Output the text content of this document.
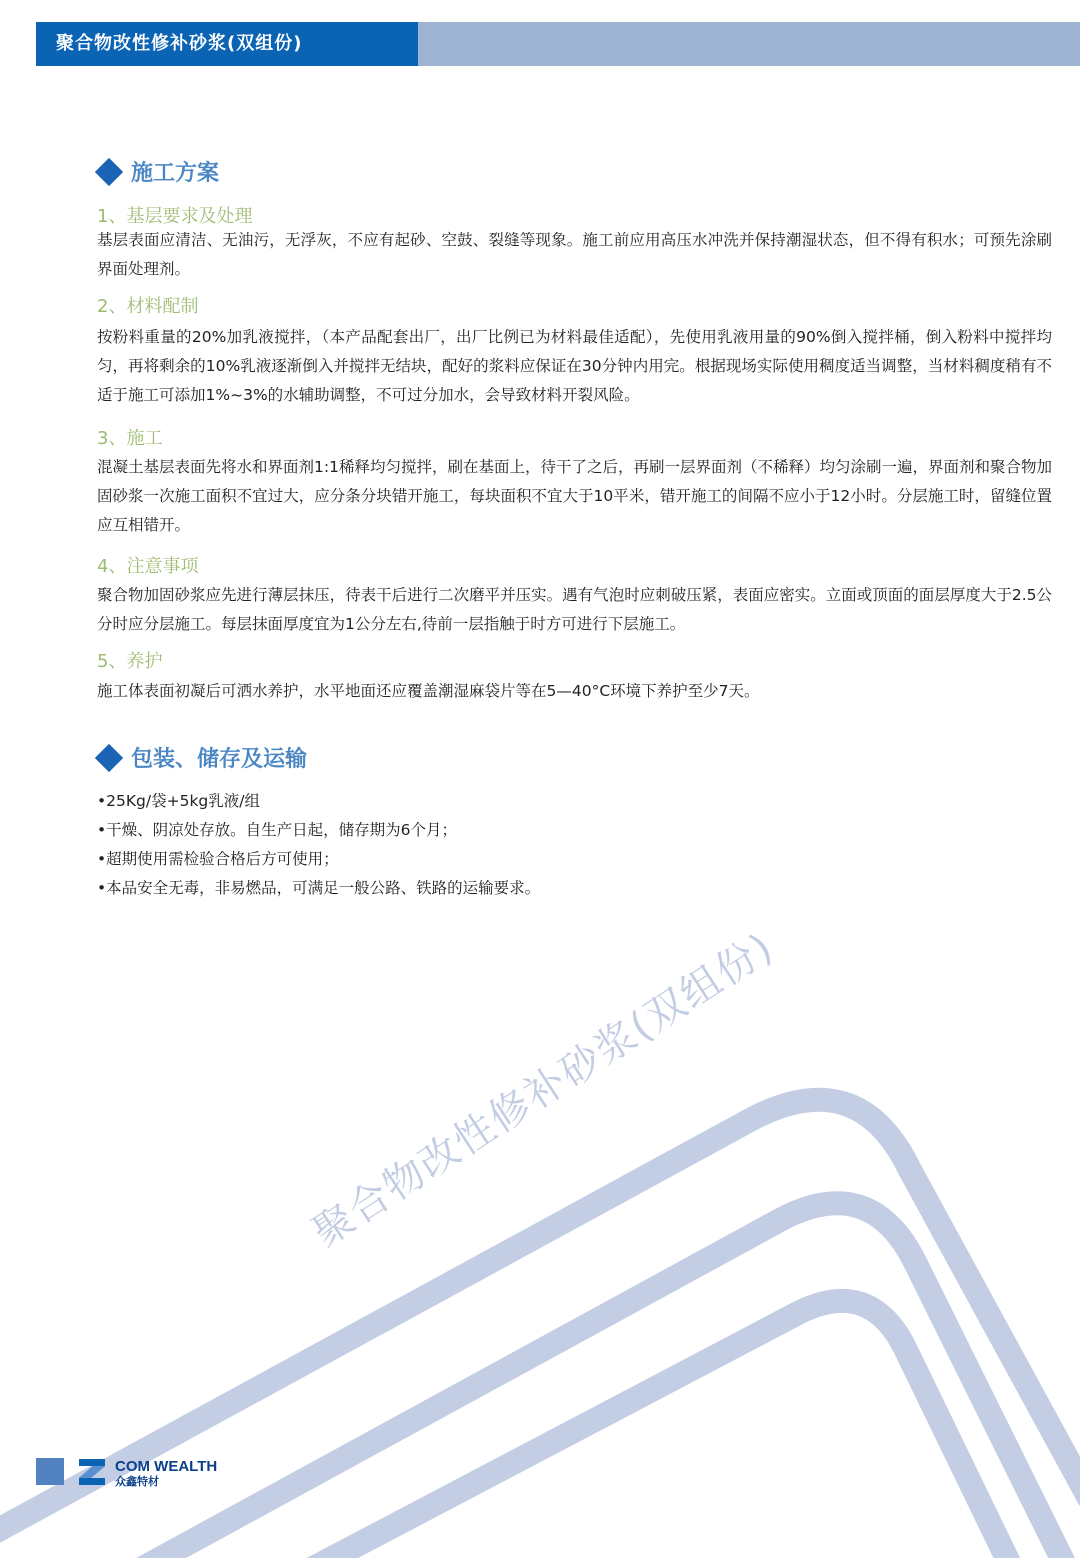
聚合物改性修补砂浆(双组份)
施工方案
1、基层要求及处理
基层表面应清洁、无油污，无浮灰，不应有起砂、空鼓、裂缝等现象。施工前应用高压水冲洗并保持潮湿状态，但不得有积水；可预先涂刷界面处理剂。
2、材料配制
按粉料重量的20%加乳液搅拌，（本产品配套出厂，出厂比例已为材料最佳适配），先使用乳液用量的90%倒入搅拌桶，倒入粉料中搅拌均匀，再将剩余的10%乳液逐渐倒入并搅拌无结块，配好的浆料应保证在30分钟内用完。根据现场实际使用稠度适当调整，当材料稠度稍有不适于施工可添加1%~3%的水辅助调整，不可过分加水，会导致材料开裂风险。
3、施工
混凝土基层表面先将水和界面剂1:1稀释均匀搅拌，刷在基面上，待干了之后，再刷一层界面剂（不稀释）均匀涂刷一遍，界面剂和聚合物加固砂浆一次施工面积不宜过大，应分条分块错开施工，每块面积不宜大于10平米，错开施工的间隔不应小于12小时。分层施工时，留缝位置应互相错开。
4、注意事项
聚合物加固砂浆应先进行薄层抹压，待表干后进行二次磨平并压实。遇有气泡时应刺破压紧，表面应密实。立面或顶面的面层厚度大于2.5公分时应分层施工。每层抹面厚度宜为1公分左右,待前一层指触于时方可进行下层施工。
5、养护
施工体表面初凝后可洒水养护，水平地面还应覆盖潮湿麻袋片等在5—40°C环境下养护至少7天。
包装、储存及运输
•25Kg/袋+5kg乳液/组
•干燥、阴凉处存放。自生产日起，储存期为6个月；
•超期使用需检验合格后方可使用；
•本品安全无毒，非易燃品，可满足一般公路、铁路的运输要求。
聚合物改性修补砂浆(双组份)
COM WEALTH
众鑫特材
